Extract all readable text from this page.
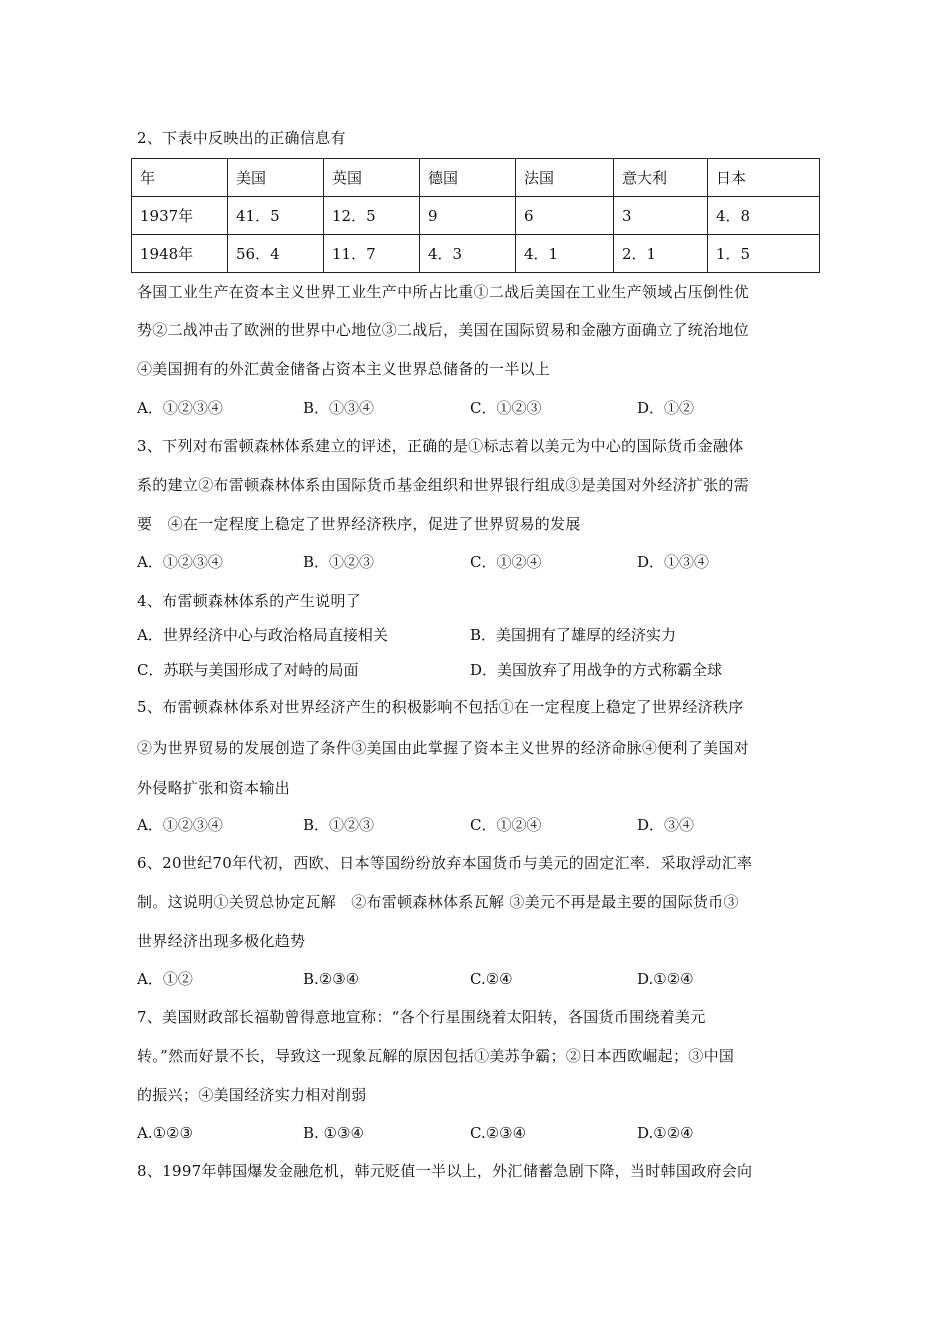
2、下表中反映出的正确信息有
年	美国	英国	德国	法国	意大利	日本
1937年	41．5	12．5	9	6	3	4．8
1948年	56．4	11．7	4．3	4．1	2．1	1．5
各国工业生产在资本主义世界工业生产中所占比重①二战后美国在工业生产领域占压倒性优
势②二战冲击了欧洲的世界中心地位③二战后，美国在国际贸易和金融方面确立了统治地位
④美国拥有的外汇黄金储备占资本主义世界总储备的一半以上
A．①②③④	B．①③④	C．①②③	D．①②
3、下列对布雷顿森林体系建立的评述，正确的是①标志着以美元为中心的国际货币金融体
系的建立②布雷顿森林体系由国际货币基金组织和世界银行组成③是美国对外经济扩张的需
要　④在一定程度上稳定了世界经济秩序，促进了世界贸易的发展
A．①②③④	B．①②③	C．①②④	D．①③④
4、布雷顿森林体系的产生说明了
A．世界经济中心与政治格局直接相关	B．美国拥有了雄厚的经济实力
C．苏联与美国形成了对峙的局面	D．美国放弃了用战争的方式称霸全球
5、布雷顿森林体系对世界经济产生的积极影响不包括①在一定程度上稳定了世界经济秩序
②为世界贸易的发展创造了条件③美国由此掌握了资本主义世界的经济命脉④便利了美国对
外侵略扩张和资本输出
A．①②③④	B．①②③	C．①②④	D．③④
6、20世纪70年代初，西欧、日本等国纷纷放弃本国货币与美元的固定汇率．采取浮动汇率
制。这说明①关贸总协定瓦解　②布雷顿森林体系瓦解 ③美元不再是最主要的国际货币③
世界经济出现多极化趋势
A．①②	B.②③④	C.②④	D.①②④
7、美国财政部长福勒曾得意地宣称：“各个行星围绕着太阳转，各国货币围绕着美元
转。”然而好景不长，导致这一现象瓦解的原因包括①美苏争霸；②日本西欧崛起；③中国
的振兴；④美国经济实力相对削弱
A.①②③	B. ①③④	C.②③④	D.①②④
8、1997年韩国爆发金融危机，韩元贬值一半以上，外汇储蓄急剧下降，当时韩国政府会向
